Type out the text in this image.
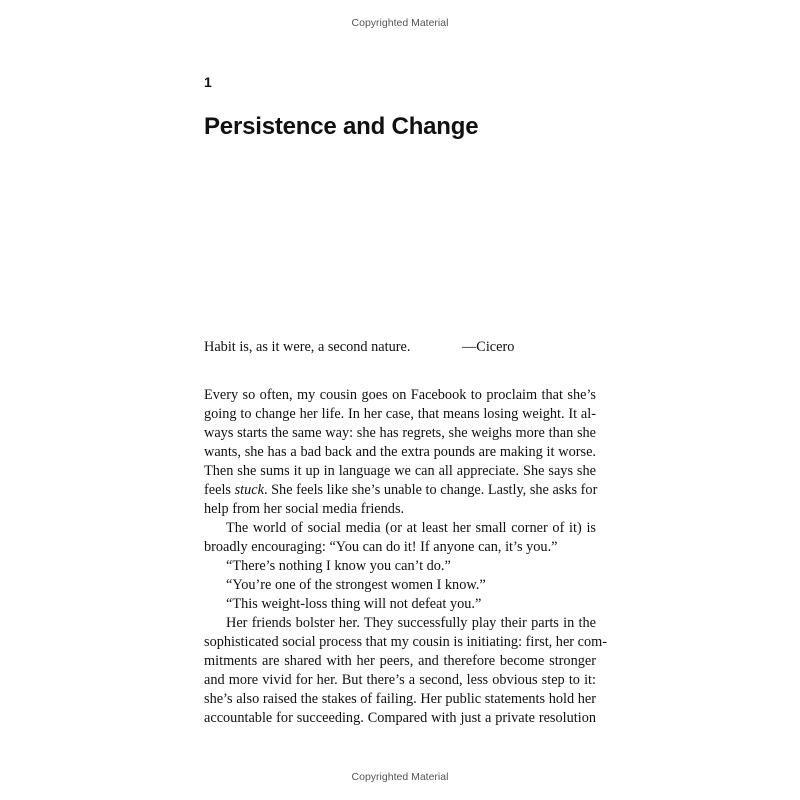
Copyrighted Material
1
Persistence and Change
Habit is, as it were, a second nature.	—Cicero
Every so often, my cousin goes on Facebook to proclaim that she’s
going to change her life. In her case, that means losing weight. It al-
ways starts the same way: she has regrets, she weighs more than she
wants, she has a bad back and the extra pounds are making it worse.
Then she sums it up in language we can all appreciate. She says she
feels stuck. She feels like she’s unable to change. Lastly, she asks for
help from her social media friends.
The world of social media (or at least her small corner of it) is
broadly encouraging: “You can do it! If anyone can, it’s you.”
“There’s nothing I know you can’t do.”
“You’re one of the strongest women I know.”
“This weight-loss thing will not defeat you.”
Her friends bolster her. They successfully play their parts in the
sophisticated social process that my cousin is initiating: first, her com-
mitments are shared with her peers, and therefore become stronger
and more vivid for her. But there’s a second, less obvious step to it:
she’s also raised the stakes of failing. Her public statements hold her
accountable for succeeding. Compared with just a private resolution
Copyrighted Material
